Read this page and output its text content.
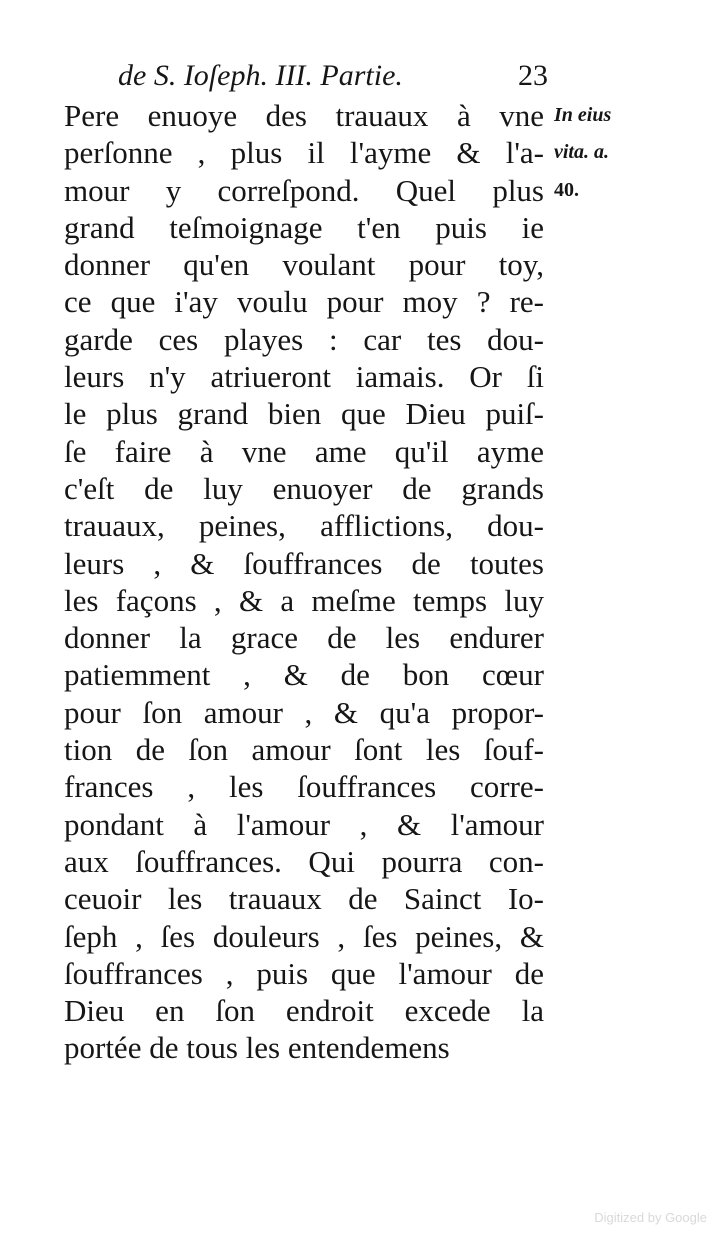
de S. Ioſeph. III. Partie.	23
Pere enuoye des trauaux à vne
perſonne , plus il l'ayme & l'a-
mour y correſpond. Quel plus
grand teſmoignage t'en puis ie
donner qu'en voulant pour toy,
ce que i'ay voulu pour moy ? re-
garde ces playes : car tes dou-
leurs n'y atriueront iamais. Or ſi
le plus grand bien que Dieu puiſ-
ſe faire à vne ame qu'il ayme
c'eſt de luy enuoyer de grands
trauaux, peines, afflictions, dou-
leurs , & ſouffrances de toutes
les façons , & a meſme temps luy
donner la grace de les endurer
patiemment , & de bon cœur
pour ſon amour , & qu'a propor-
tion de ſon amour ſont les ſouf-
frances , les ſouffrances corre-
pondant à l'amour , & l'amour
aux ſouffrances. Qui pourra con-
ceuoir les trauaux de Sainct Io-
ſeph , ſes douleurs , ſes peines, &
ſouffrances , puis que l'amour de
Dieu en ſon endroit excede la
portée de tous les entendemens
In eius
vita. a.
40.
Digitized by Google
